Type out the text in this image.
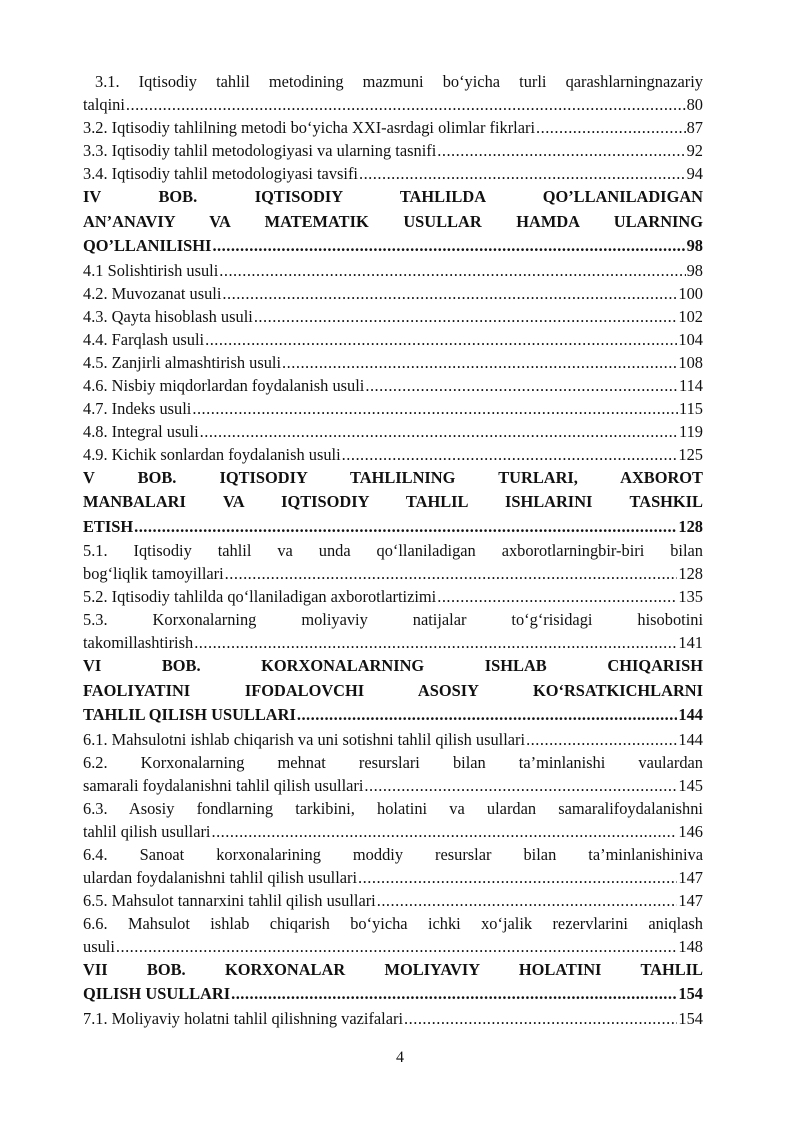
3.1. Iqtisodiy tahlil metodining mazmuni bo‘yicha turli qarashlarningnazariy
talqini .....	80
3.2. Iqtisodiy tahlilning metodi bo‘yicha XXI-asrdagi olimlar fikrlari .....	87
3.3. Iqtisodiy tahlil metodologiyasi va ularning tasnifi .....	92
3.4. Iqtisodiy tahlil metodologiyasi tavsifi .....	94
IV BOB. IQTISODIY TAHLILDA QO’LLANILADIGAN
AN’ANAVIY VA MATEMATIK USULLAR HAMDA ULARNING
QO’LLANILISHI .....	98
4.1 Solishtirish usuli .....	98
4.2. Muvozanat usuli .....	100
4.3. Qayta hisoblash usuli .....	102
4.4. Farqlash usuli .....	104
4.5. Zanjirli almashtirish usuli .....	108
4.6. Nisbiy miqdorlardan foydalanish usuli .....	114
4.7. Indeks usuli .....	115
4.8. Integral usuli .....	119
4.9. Kichik sonlardan foydalanish usuli .....	125
V BOB. IQTISODIY TAHLILNING TURLARI, AXBOROT
MANBALARI VA IQTISODIY TAHLIL ISHLARINI TASHKIL
ETISH .....	128
5.1. Iqtisodiy tahlil va unda qo‘llaniladigan axborotlarningbir-biri bilan
bog‘liqlik tamoyillari .....	128
5.2. Iqtisodiy tahlilda qo‘llaniladigan axborotlartizimi .....	135
5.3. Korxonalarning moliyaviy natijalar to‘g‘risidagi hisobotini
takomillashtirish .....	141
VI BOB. KORXONALARNING ISHLAB CHIQARISH
FAOLIYATINI IFODALOVCHI ASOSIY KO‘RSATKICHLARNI
TAHLIL QILISH USULLARI .....	144
6.1. Mahsulotni ishlab chiqarish va uni sotishni tahlil qilish usullari .....	144
6.2. Korxonalarning mehnat resurslari bilan ta’minlanishi vaulardan
samarali foydalanishni tahlil qilish usullari .....	145
6.3. Asosiy fondlarning tarkibini, holatini va ulardan samaralifoydalanishni
tahlil qilish usullari .....	146
6.4. Sanoat korxonalarining moddiy resurslar bilan ta’minlanishiniva
ulardan foydalanishni tahlil qilish usullari .....	147
6.5. Mahsulot tannarxini tahlil qilish usullari .....	147
6.6. Mahsulot ishlab chiqarish bo‘yicha ichki xo‘jalik rezervlarini aniqlash
usuli .....	148
VII BOB. KORXONALAR MOLIYAVIY HOLATINI TAHLIL
QILISH USULLARI .....	154
7.1. Moliyaviy holatni tahlil qilishning vazifalari .....	154
4
